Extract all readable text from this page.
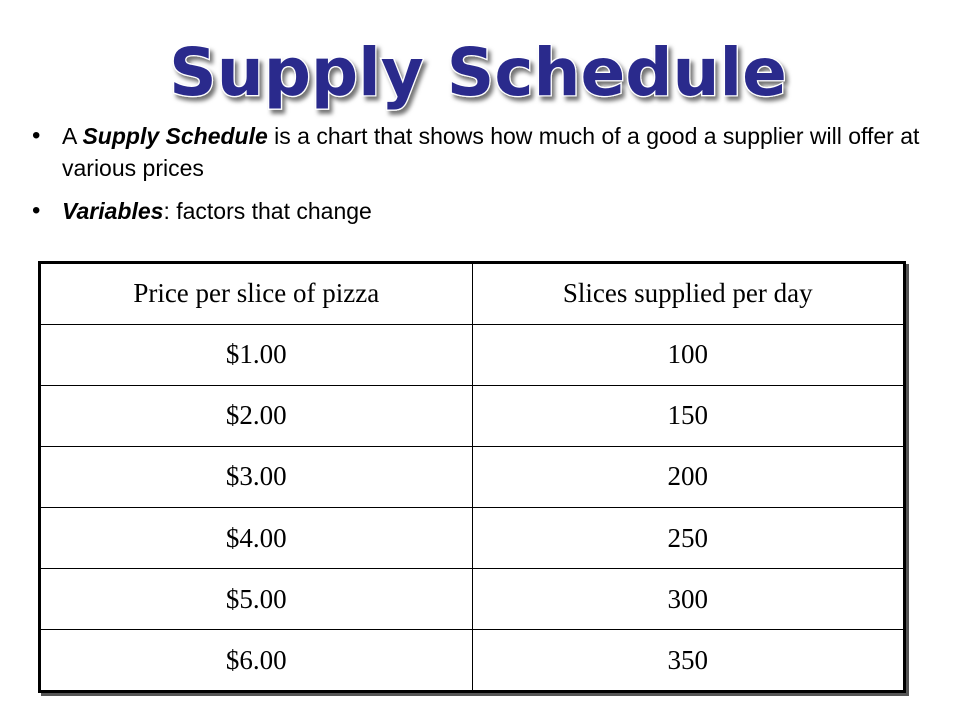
Supply Schedule
• A Supply Schedule is a chart that shows how much of a good a supplier will offer at various prices
• Variables: factors that change
Price per slice of pizza	Slices supplied per day
$1.00	100
$2.00	150
$3.00	200
$4.00	250
$5.00	300
$6.00	350
